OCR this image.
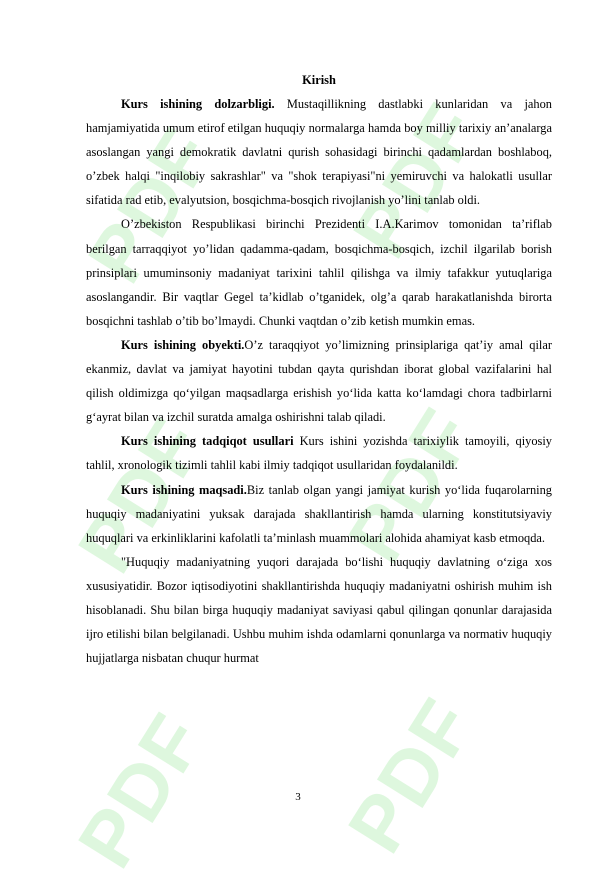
PDF
PDF
PDF
PDF
PDF
PDF
Kirish

Kurs ishining dolzarbligi. Mustaqillikning dastlabki kunlaridan va jahon hamjamiyatida umum etirof etilgan huquqiy normalarga hamda boy milliy tarixiy an’analarga asoslangan yangi demokratik davlatni qurish sohasidagi birinchi qadamlardan boshlaboq, o’zbek halqi "inqilobiy sakrashlar" va "shok terapiyasi"ni yemiruvchi va halokatli usullar sifatida rad etib, evalyutsion, bosqichma-bosqich rivojlanish yo’lini tanlab oldi.

O’zbekiston Respublikasi birinchi Prezidenti I.A.Karimov tomonidan ta’riflab berilgan tarraqqiyot yo’lidan qadamma-qadam, bosqichma-bosqich, izchil ilgarilab borish prinsiplari umuminsoniy madaniyat tarixini tahlil qilishga va ilmiy tafakkur yutuqlariga asoslangandir. Bir vaqtlar Gegel ta’kidlab o’tganidek, olg’a qarab harakatlanishda birorta bosqichni tashlab o’tib bo’lmaydi. Chunki vaqtdan o’zib ketish mumkin emas.

Kurs ishining obyekti.O’z taraqqiyot yo’limizning prinsiplariga qat’iy amal qilar ekanmiz, davlat va jamiyat hayotini tubdan qayta qurishdan iborat global vazifalarini hal qilish oldimizga qo‘yilgan maqsadlarga erishish yo‘lida katta ko‘lamdagi chora tadbirlarni g‘ayrat bilan va izchil suratda amalga oshirishni talab qiladi.

Kurs ishining tadqiqot usullari Kurs ishini yozishda tarixiylik tamoyili, qiyosiy tahlil, xronologik tizimli tahlil kabi ilmiy tadqiqot usullaridan foydalanildi.

Kurs ishining maqsadi.Biz tanlab olgan yangi jamiyat kurish yo‘lida fuqarolarning huquqiy madaniyatini yuksak darajada shakllantirish hamda ularning konstitutsiyaviy huquqlari va erkinliklarini kafolatli ta’minlash muammolari alohida ahamiyat kasb etmoqda.

"Huquqiy madaniyatning yuqori darajada bo‘lishi huquqiy davlatning o‘ziga xos xususiyatidir. Bozor iqtisodiyotini shakllantirishda huquqiy madaniyatni oshirish muhim ish hisoblanadi. Shu bilan birga huquqiy madaniyat saviyasi qabul qilingan qonunlar darajasida ijro etilishi bilan belgilanadi. Ushbu muhim ishda odamlarni qonunlarga va normativ huquqiy hujjatlarga nisbatan chuqur hurmat

3
